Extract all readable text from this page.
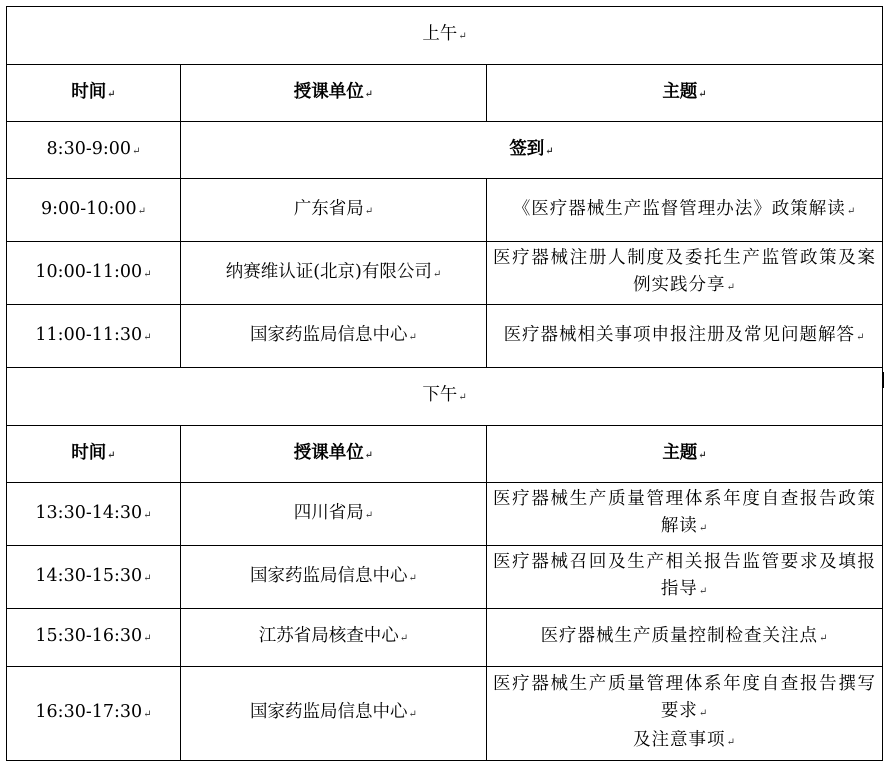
上午↵		
时间↵	授课单位↵	主题↵
8:30-9:00↵	签到↵	
9:00-10:00↵	广东省局↵	《医疗器械生产监督管理办法》政策解读↵
10:00-11:00↵	纳赛维认证(北京)有限公司↵	医疗器械注册人制度及委托生产监管政策及案例实践分享↵
11:00-11:30↵	国家药监局信息中心↵	医疗器械相关事项申报注册及常见问题解答↵
下午↵		
时间↵	授课单位↵	主题↵
13:30-14:30↵	四川省局↵	医疗器械生产质量管理体系年度自查报告政策解读↵
14:30-15:30↵	国家药监局信息中心↵	医疗器械召回及生产相关报告监管要求及填报指导↵
15:30-16:30↵	江苏省局核查中心↵	医疗器械生产质量控制检查关注点↵
16:30-17:30↵	国家药监局信息中心↵	医疗器械生产质量管理体系年度自查报告撰写要求↵
及注意事项↵
